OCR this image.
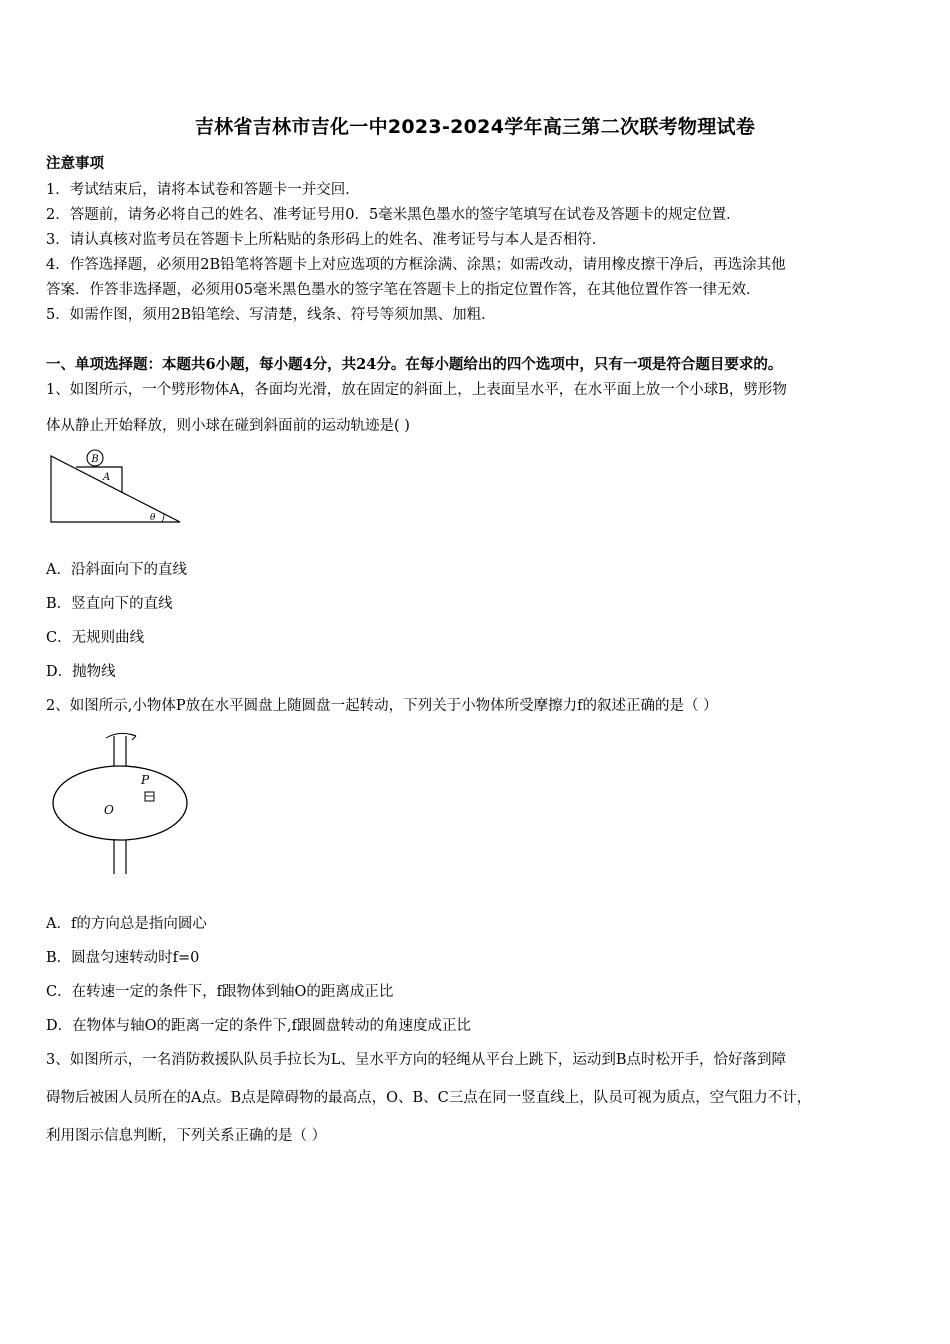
吉林省吉林市吉化一中2023-2024学年高三第二次联考物理试卷
注意事项
1．考试结束后，请将本试卷和答题卡一并交回．
2．答题前，请务必将自己的姓名、准考证号用0．5毫米黑色墨水的签字笔填写在试卷及答题卡的规定位置．
3．请认真核对监考员在答题卡上所粘贴的条形码上的姓名、准考证号与本人是否相符．
4．作答选择题，必须用2B铅笔将答题卡上对应选项的方框涂满、涂黑；如需改动，请用橡皮擦干净后，再选涂其他
答案．作答非选择题，必须用05毫米黑色墨水的签字笔在答题卡上的指定位置作答，在其他位置作答一律无效．
5．如需作图，须用2B铅笔绘、写清楚，线条、符号等须加黑、加粗．
一、单项选择题：本题共6小题，每小题4分，共24分。在每小题给出的四个选项中，只有一项是符合题目要求的。
1、如图所示，一个劈形物体A，各面均光滑，放在固定的斜面上，上表面呈水平，在水平面上放一个小球B，劈形物
体从静止开始释放，则小球在碰到斜面前的运动轨迹是( )
B
A
θ
A．沿斜面向下的直线
B．竖直向下的直线
C．无规则曲线
D．抛物线
2、如图所示,小物体P放在水平圆盘上随圆盘一起转动，下列关于小物体所受摩擦力f的叙述正确的是（ ）
P
O
A．f的方向总是指向圆心
B．圆盘匀速转动时f=0
C．在转速一定的条件下，f跟物体到轴O的距离成正比
D．在物体与轴O的距离一定的条件下,f跟圆盘转动的角速度成正比
3、如图所示，一名消防救援队队员手拉长为L、呈水平方向的轻绳从平台上跳下，运动到B点时松开手，恰好落到障
碍物后被困人员所在的A点。B点是障碍物的最高点，O、B、C三点在同一竖直线上，队员可视为质点，空气阻力不计，
利用图示信息判断，下列关系正确的是（ ）
